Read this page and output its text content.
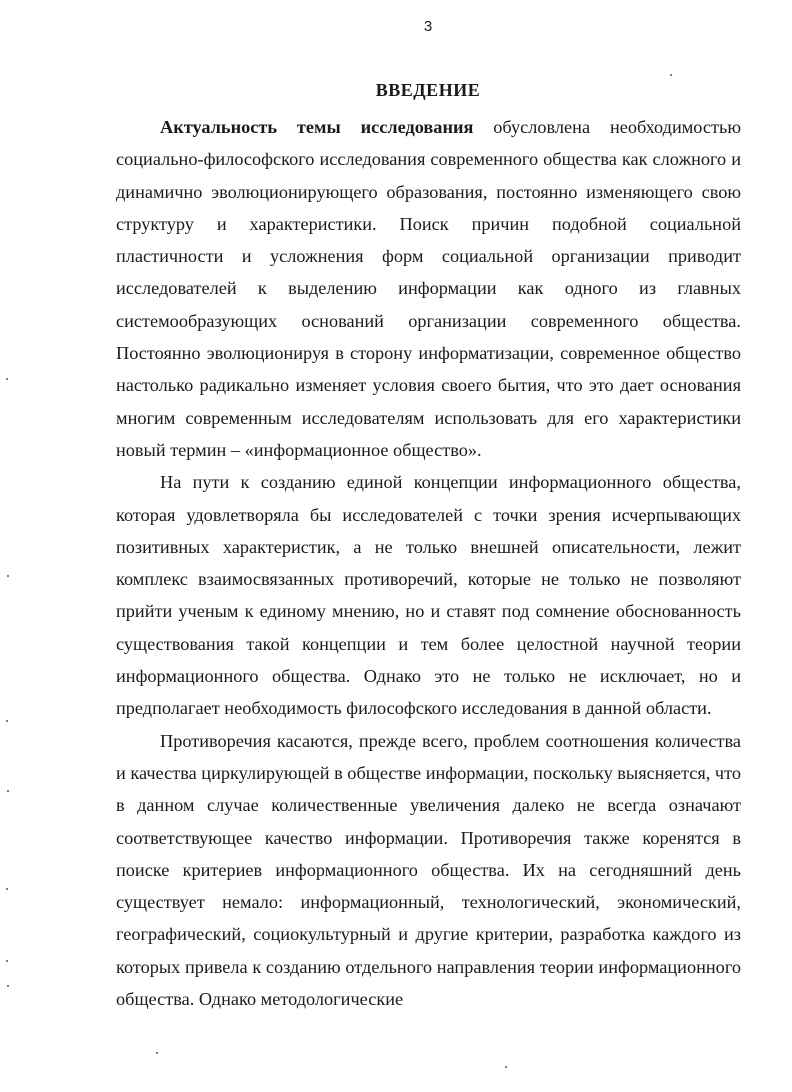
3
ВВЕДЕНИЕ

Актуальность темы исследования обусловлена необходимостью социально-философского исследования современного общества как сложного и динамично эволюционирующего образования, постоянно изменяющего свою структуру и характеристики. Поиск причин подобной социальной пластичности и усложнения форм социальной организации приводит исследователей к выделению информации как одного из главных системообразующих оснований организации современного общества. Постоянно эволюционируя в сторону информатизации, современное общество настолько радикально изменяет условия своего бытия, что это дает основания многим современным исследователям использовать для его характеристики новый термин – «информационное общество».

На пути к созданию единой концепции информационного общества, которая удовлетворяла бы исследователей с точки зрения исчерпывающих позитивных характеристик, а не только внешней описательности, лежит комплекс взаимосвязанных противоречий, которые не только не позволяют прийти ученым к единому мнению, но и ставят под сомнение обоснованность существования такой концепции и тем более целостной научной теории информационного общества. Однако это не только не исключает, но и предполагает необходимость философского исследования в данной области.

Противоречия касаются, прежде всего, проблем соотношения количества и качества циркулирующей в обществе информации, поскольку выясняется, что в данном случае количественные увеличения далеко не всегда означают соответствующее качество информации. Противоречия также коренятся в поиске критериев информационного общества. Их на сегодняшний день существует немало: информационный, технологический, экономический, географический, социокультурный и другие критерии, разработка каждого из которых привела к созданию отдельного направления теории информационного общества. Однако методологические
